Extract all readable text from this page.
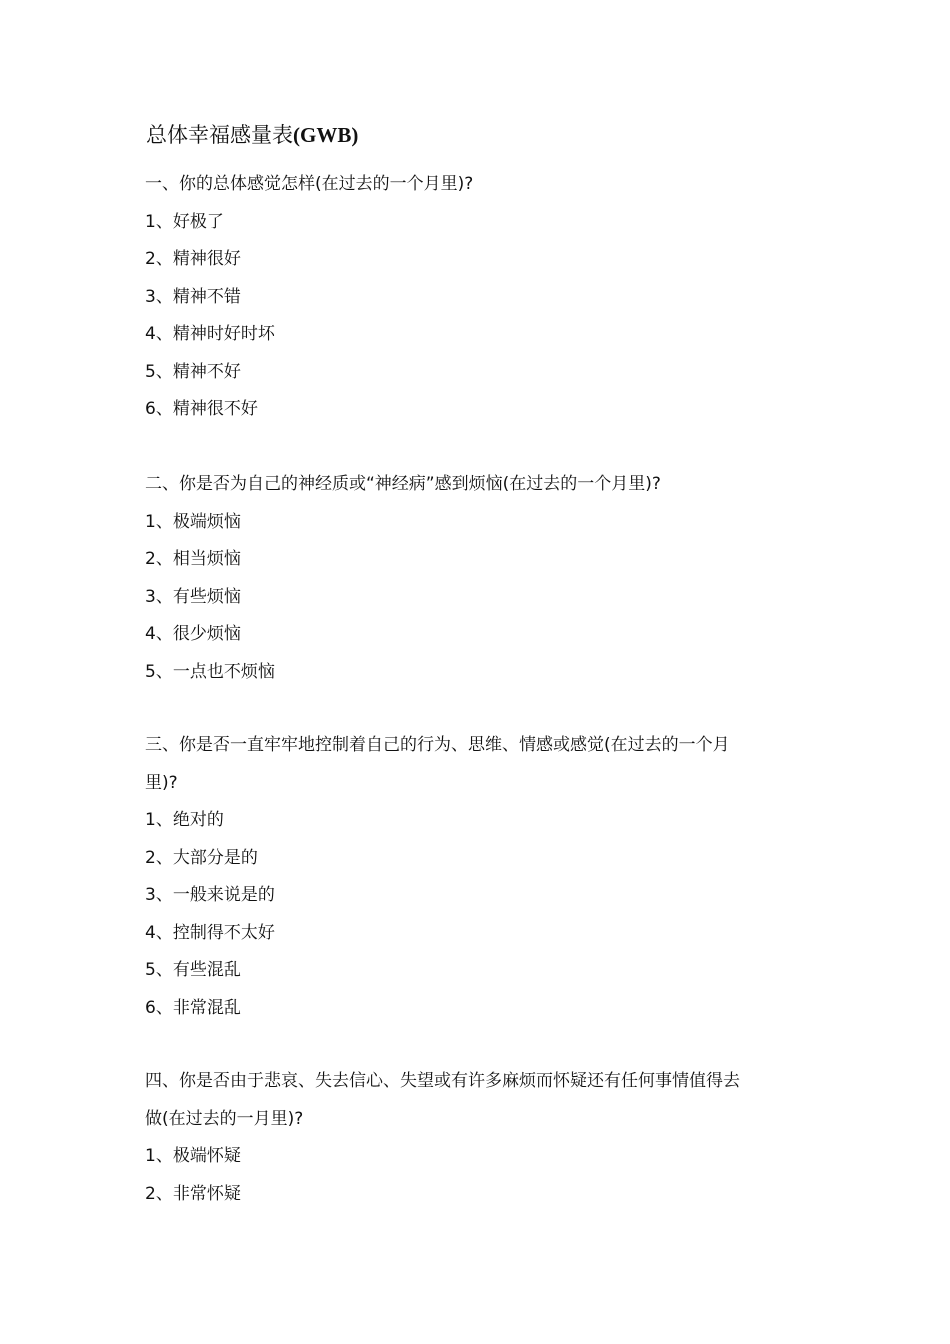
总体幸福感量表(GWB)

一、你的总体感觉怎样(在过去的一个月里)?

1、好极了

2、精神很好

3、精神不错

4、精神时好时坏

5、精神不好

6、精神很不好

二、你是否为自己的神经质或“神经病”感到烦恼(在过去的一个月里)?

1、极端烦恼

2、相当烦恼

3、有些烦恼

4、很少烦恼

5、一点也不烦恼

三、你是否一直牢牢地控制着自己的行为、思维、情感或感觉(在过去的一个月

里)?

1、绝对的

2、大部分是的

3、一般来说是的

4、控制得不太好

5、有些混乱

6、非常混乱

四、你是否由于悲哀、失去信心、失望或有许多麻烦而怀疑还有任何事情值得去

做(在过去的一月里)?

1、极端怀疑

2、非常怀疑
